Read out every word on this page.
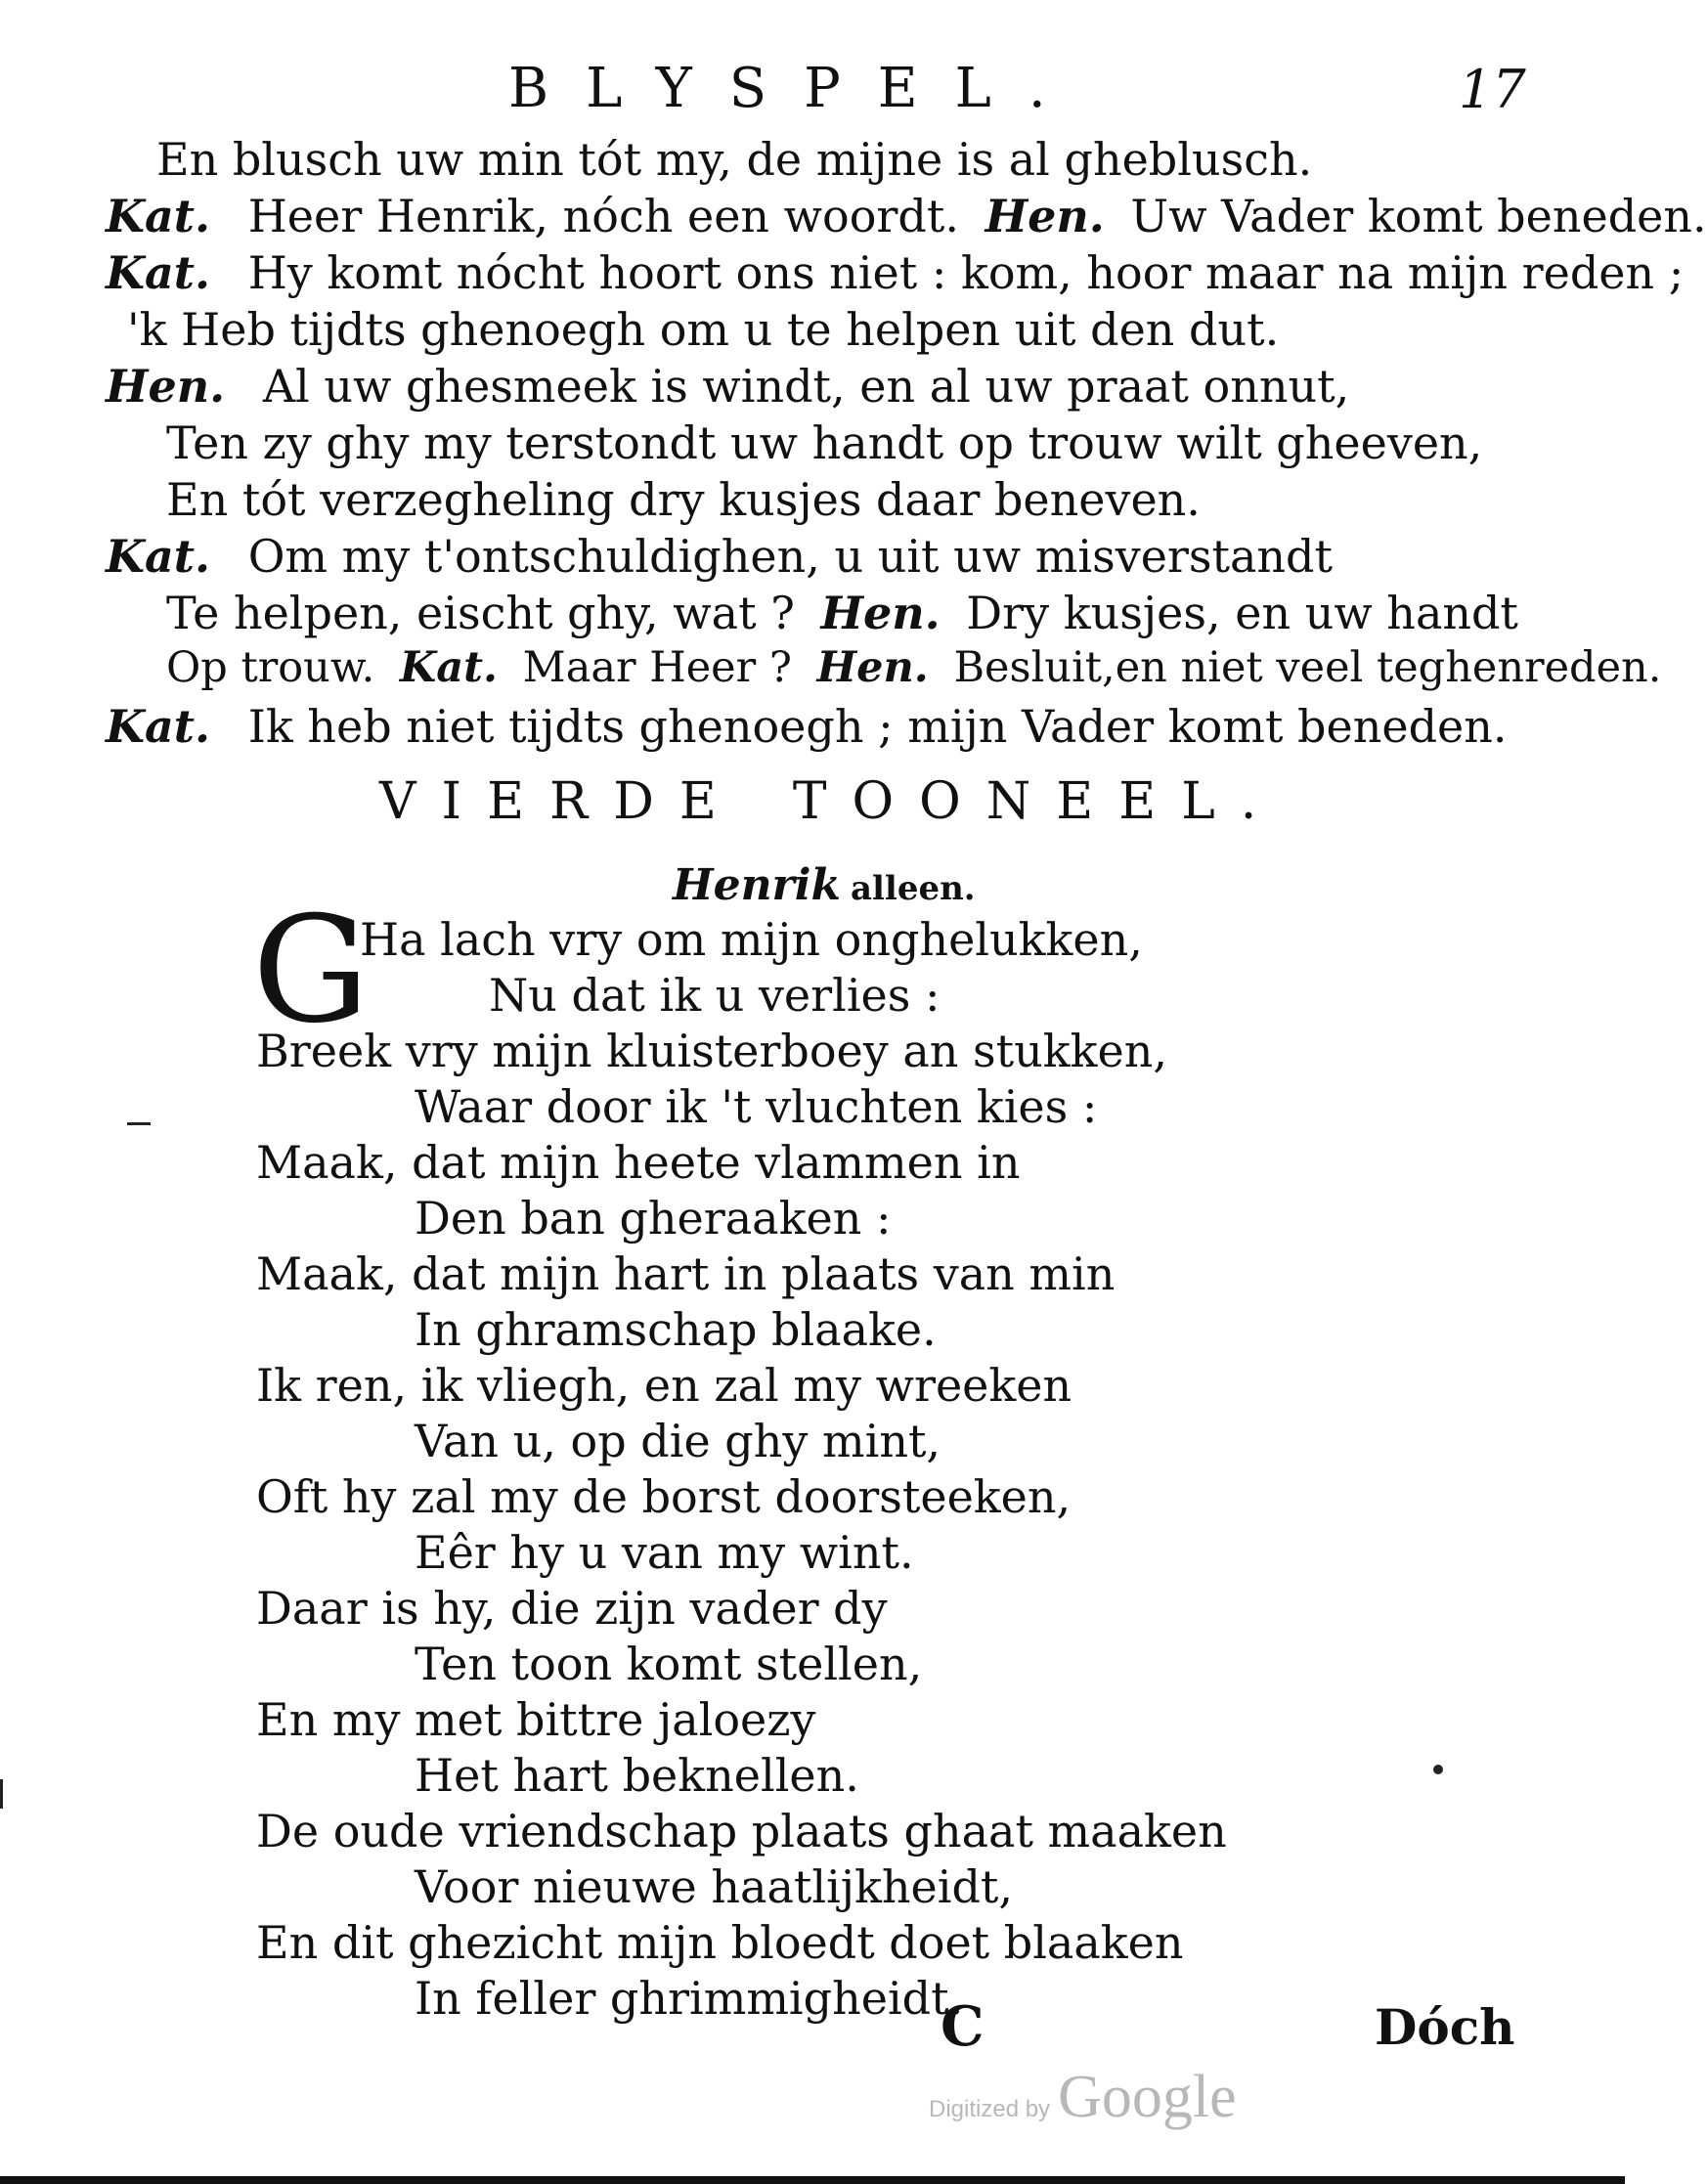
BLYSPEL.	17
En blusch uw min tót my, de mijne is al gheblusch.
Kat. Heer Henrik, nóch een woordt. Hen. Uw Vader komt beneden.
Kat. Hy komt nócht hoort ons niet : kom, hoor maar na mijn reden ;
'k Heb tijdts ghenoegh om u te helpen uit den dut.
Hen. Al uw ghesmeek is windt, en al uw praat onnut,
Ten zy ghy my terstondt uw handt op trouw wilt gheeven,
En tót verzegheling dry kusjes daar beneven.
Kat. Om my t'ontschuldighen, u uit uw misverstandt
Te helpen, eischt ghy, wat ? Hen. Dry kusjes, en uw handt
Op trouw. Kat. Maar Heer ? Hen. Besluit,en niet veel teghenreden.
Kat. Ik heb niet tijdts ghenoegh ; mijn Vader komt beneden.
VIERDE TOONEEL.
Henrik alleen.
G
Ha lach vry om mijn onghelukken,
Nu dat ik u verlies :
Breek vry mijn kluisterboey an stukken,
Waar door ik 't vluchten kies :
Maak, dat mijn heete vlammen in
Den ban gheraaken :
Maak, dat mijn hart in plaats van min
In ghramschap blaake.
Ik ren, ik vliegh, en zal my wreeken
Van u, op die ghy mint,
Oft hy zal my de borst doorsteeken,
Eêr hy u van my wint.
Daar is hy, die zijn vader dy
Ten toon komt stellen,
En my met bittre jaloezy
Het hart beknellen.
De oude vriendschap plaats ghaat maaken
Voor nieuwe haatlijkheidt,
En dit ghezicht mijn bloedt doet blaaken
In feller ghrimmigheidt.
C	Dóch
Digitized by Google
